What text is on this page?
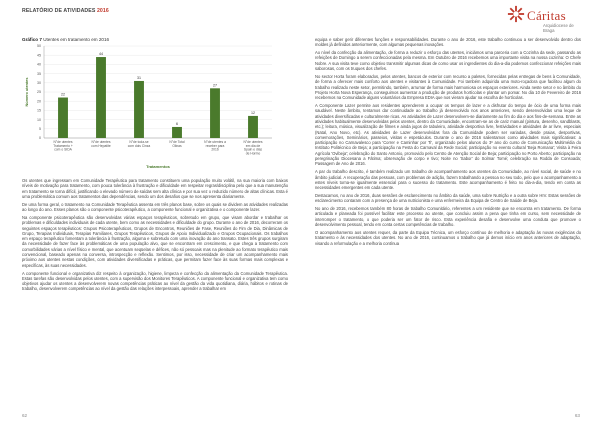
RELATÓRIO DE ATIVIDADES 2016	Cáritas
Arquidiocese de Braga
Gráfico 7 Utentes em tratamento em 2016
0
5
10
15
20
25
30
35
40
45
50
22
N°de utentes Tratamento + com o SIDA
44
N°de utentes com Hepatite
31
N°de toda-se com dois Cinza
6
N°de Total Olinas
27
N°de utentes a receber para 2016
12
N°de utentes em dia de Spain e dias de Hormo
Número utentes
Tratamentos

Os utentes que ingressam em Comunidade Terapêutica para tratamento constituem uma população muito volátil, na sua maioria com baixos níveis de motivação para tratamento, com pouca tolerância à frustração e dificuldade em respeitar regras/disciplina pelo que a sua manutenção em tratamento se torna difícil, justificando o elevado número de saídas sem alta clínica e por sua vez o reduzido número de altas clínicas. Esta é uma problemática comum aos tratamentos das dependências, sendo um dos desafios que se nos apresenta diariamente.

De uma forma geral, o tratamento na Comunidade Terapêutica assenta em três planos base, sobre os quais se dividem as atividades realizadas ao longo do ano. Esses planos são o componente psicoterapêutico, a componente funcional e organizativa e o componente lazer.

Na componente psicoterapêutica são desenvolvidas várias espaços terapêuticos, sobretudo em grupo, que visam abordar e trabalhar os problemas e dificuldades individuais de cada utente, bem como as necessidades e dificuldade do grupo. Durante o ano de 2016, decorreram os seguintes espaços terapêuticos: Grupos Psicoterapêuticos, Grupos de Encontros, Reuniões de Fase, Reuniões do Fim de Dia, Dinâmicas de Grupo, Terapias Individuais, Terapias Familiares, Grupos Terapêuticos, Grupos de Apoio Individualizado e Grupos Ocupacionais. Os trabalhos em espaço terapêutico fomentam a tolerância à frustração, alguma e sobretudo com uma inovação do ano transato. Estes três grupos surgiram da necessidade de fazer face às problemáticas de uma população alvo, que se encontram em crescimento, e que chega a tratamento com comorbilidades várias a nível físico e mental, que acentuam seqüelas e défices, não só pessoais mas na plenitude ao formato terapêutico mais convencional, baseado apenas na conversa, introspecção e reflexão. Sentimos, por isso, necessidade de criar um acompanhamento mais próximo aos utentes nestas condições, com atividades diversificadas e práticas, que permitam fazer face às suas formas mais complexas e específicas, às suas necessidades.

A componente funcional e organizativa diz respeito à organização, higiene, limpeza e confecção da alimentação da Comunidade Terapêutica. Estas tarefas são desenvolvidas pelos utentes, com a supervisão dos Monitores Terapêuticos. A componente funcional e organizativa tem como objetivos ajudar os utentes a desenvolverem novas competências práticas ao nível da gestão da vida quotidiana, diária, hábitos e rotinas de trabalho, desenvolverem competências ao nível da gestão das relações interpessoais, aprender a trabalhar em

equipa e saber gerir diferentes funções e responsabilidades. Durante o ano de 2016, este trabalho continuou a ser desenvolvido dentro dos moldes já definidos anteriormente, com algumas pequenas inovações.

Ao nível da confecção da alimentação, de forma a reduzir o esforço das utentes, iniciámos uma parceria com a Cozinha da sede, passando as refeições de Domingo a serem confeccionadas pela mesma. Em Outubro de 2016 recebemos uma importante visita na nossa cozinha: O Chefe Nobre. A sua visita teve como objetivo transmitir algumas dicas de como usar os ingredientes do dia-a-dia podemos confeccionar refeições mais saborosas, com os truques dos chefes.

No sector Horta foram elaborados, pelos utentes, bancos de exterior com recurso a paletes, fornecidas pelas entregas de bens à Comunidade, de forma a oferecer mais conforto aos utentes e visitantes à Comunidade. Foi também adquirida uma moto-roçadora que facilitou algum do trabalho realizado neste setor, permitindo, também, arrumar de forma mais harmoniosa os espaços exteriores. Ainda neste setor e no âmbito do Projeto Horta Nova Esperança, conseguimos aumentar a produção de produtos hortícolas e plantar um pomar. No dia 10 de Fevereiro de 2016 recebemos na Comunidade alguns voluntários da Empresa EDIA que nos vieram ajudar na escolha de hortícolas.

A Componente Lazer permite aos residentes aprenderem a ocupar os tempos de lazer e a disfrutar do tempo de ócio de uma forma mais saudável. Neste âmbito, tentamos dar continuidade ao trabalho já desenvolvido nos anos anteriores, sendo desenvolvidas uma leque de atividades diversificadas e culturalmente ricas. As atividades de Lazer desenvolvem-se diariamente ao fim do dia e aos fins-de-semana. Entre as atividades habitualmente desenvolvidas pelos utentes, dentro da Comunidade, encontram-se as de cariz manual (pintura, desenho, sandblasts, etc.); leitura, música, visualização de filmes e ainda jogos de tabuleiro, atividade desportiva livre, festividades e atividades de ar livre, especiais (Natal, Ano Novo, etc). As atividades de Lazer desenvolvidas fora da Comunidade podem ser variadas, desde praias, desportivas, comemorações, Seminários, passeios, visitas e espetáculos. Durante o ano de 2016 salientamos como atividades mais significativas: a participação no Carnavalesco para 'Correr e Caminhar por Ti', organizado pelos alunos do 3º ano do curso de Comunicação Multimédia do Instituto Politécnico de Beja; a participação na Festa do Carnaval da Rede Social; participação no evento cultural 'Beja Romana'; Visita à Feira Agrícola 'Ovibeja'; celebração do Santo Antonio, promovido pelo Centro de Atenção Social de Beja; participação no Porto Aberto; participação na peregrinação Diocesana a Fátima; observação de corpo e tivo; Noite no 'Sabor' do Solmar Tomé; celebração na Rodda de Consoada; Passagem de Ano de 2016.

A par do trabalho descrito, é também realizado um trabalho de acompanhamento aos utentes da Comunidade, ao nível social, de saúde e no âmbito judicial. A recuperação das pessoas, com problemas de adição, fazem trabalhando a pessoa no seu todo, pelo que o acompanhamento a estes níveis torna-se igualmente essencial para o sucesso do tratamento. Este acompanhamento é feito no dia-a-dia, tendo em conta as necessidades emergentes em cada utente.

Destacamos, no ano de 2016, duas sessões de esclarecimento no âmbito da saúde, uma sobre Nutrição e a outra sobre HIV. Estas sessões de esclarecimento contaram com a presença de uma nutricionista e uma enfermeira da Equipa de Centro de Saúde de Beja.

No ano de 2016, recebemos também 80 horas de trabalho Comunitário, referentes a um residente que se encontra em tratamento. De forma articulada e planeada foi possível facilitar este processo ao utente, que concluiu assim a pena que tinha em curso, sem necessidade de interromper o tratamento, o que poderia ser um fator de risco. Esta experiência desafia e desenvolve uma conduta que promove o desenvolvimento pessoal, tendo em conta certas competências de trabalho.

O acompanhamento aos utentes requer, da parte da Equipa Técnica, um esforço contínuo de melhoria e adaptação às novas exigências do tratamento e às necessidades dos utentes. No ano de 2016, continuamos o trabalho que já demos início em anos anteriores de adaptação, visando a reformulação e a melhoria contínua

62	63
